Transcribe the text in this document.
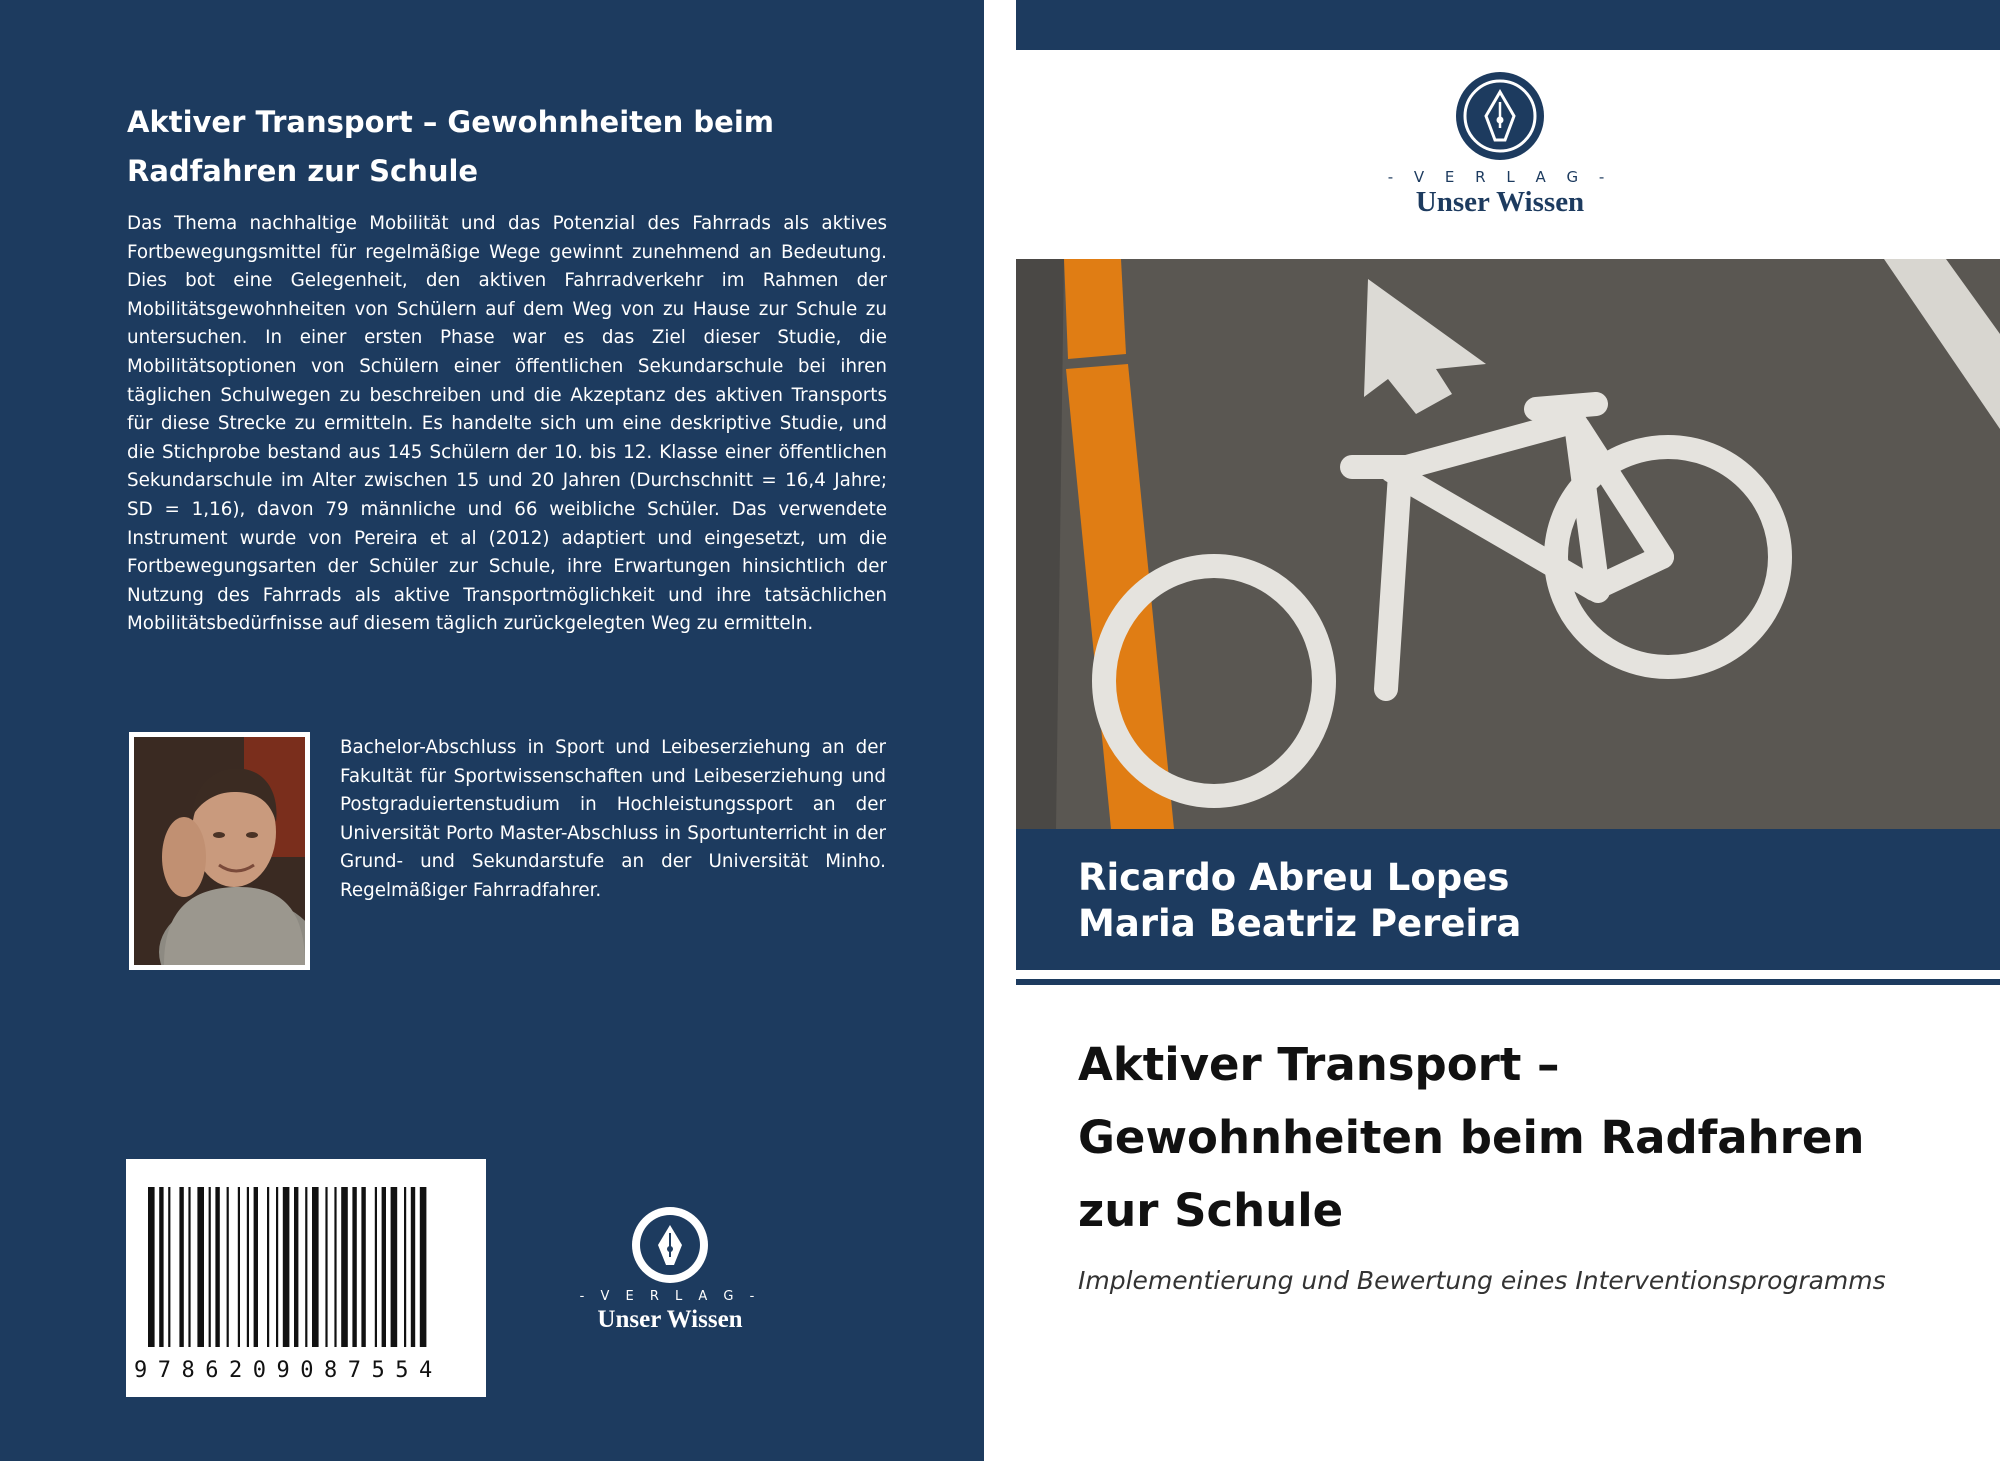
Aktiver Transport – Gewohnheiten beim Radfahren zur Schule

Das Thema nachhaltige Mobilität und das Potenzial des Fahrrads als aktives Fortbewegungsmittel für regelmäßige Wege gewinnt zunehmend an Bedeutung. Dies bot eine Gelegenheit, den aktiven Fahrradverkehr im Rahmen der Mobilitätsgewohnheiten von Schülern auf dem Weg von zu Hause zur Schule zu untersuchen. In einer ersten Phase war es das Ziel dieser Studie, die Mobilitätsoptionen von Schülern einer öffentlichen Sekundarschule bei ihren täglichen Schulwegen zu beschreiben und die Akzeptanz des aktiven Transports für diese Strecke zu ermitteln. Es handelte sich um eine deskriptive Studie, und die Stichprobe bestand aus 145 Schülern der 10. bis 12. Klasse einer öffentlichen Sekundarschule im Alter zwischen 15 und 20 Jahren (Durchschnitt = 16,4 Jahre; SD = 1,16), davon 79 männliche und 66 weibliche Schüler. Das verwendete Instrument wurde von Pereira et al (2012) adaptiert und eingesetzt, um die Fortbewegungsarten der Schüler zur Schule, ihre Erwartungen hinsichtlich der Nutzung des Fahrrads als aktive Transportmöglichkeit und ihre tatsächlichen Mobilitätsbedürfnisse auf diesem täglich zurückgelegten Weg zu ermitteln.

Bachelor-Abschluss in Sport und Leibeserziehung an der Fakultät für Sportwissenschaften und Leibeserziehung und Postgraduiertenstudium in Hochleistungssport an der Universität Porto Master-Abschluss in Sportunterricht in der Grund- und Sekundarstufe an der Universität Minho. Regelmäßiger Fahrradfahrer.

9786209087554
- V E R L A G -
Unser Wissen
- V E R L A G -
Unser Wissen
Ricardo Abreu Lopes
Maria Beatriz Pereira
Aktiver Transport –
Gewohnheiten beim Radfahren
zur Schule

Implementierung und Bewertung eines Interventionsprogramms
